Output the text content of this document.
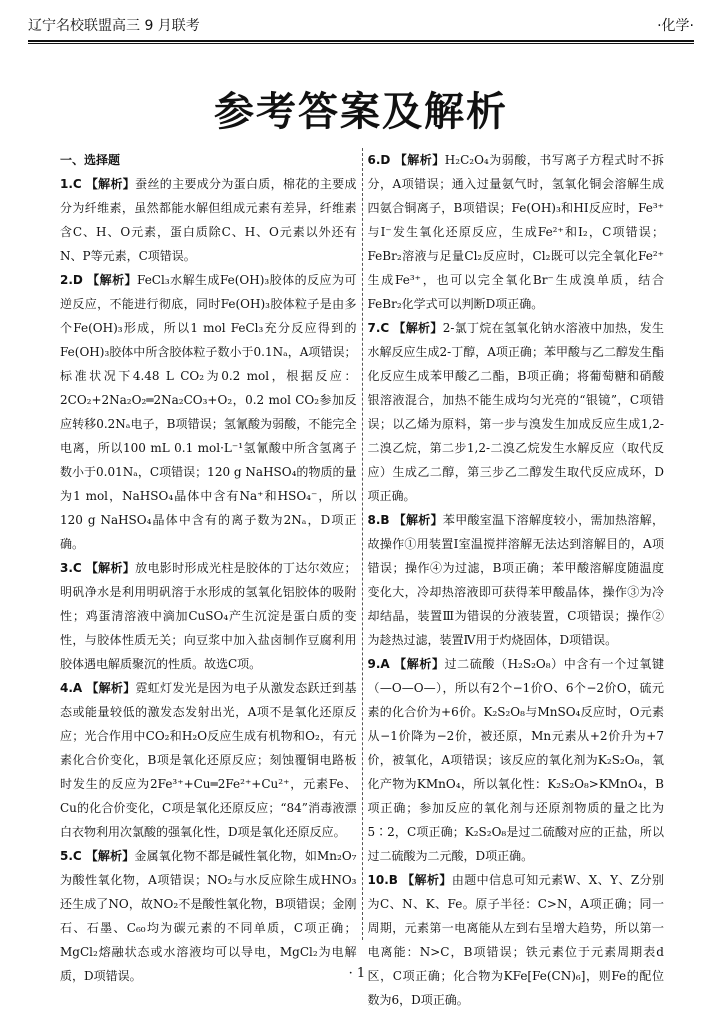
辽宁名校联盟高三 9 月联考	·化学·
参考答案及解析
一、选择题

1.C 【解析】蚕丝的主要成分为蛋白质，棉花的主要成分为纤维素，虽然都能水解但组成元素有差异，纤维素含C、H、O元素，蛋白质除C、H、O元素以外还有N、P等元素，C项错误。

2.D 【解析】FeCl₃水解生成Fe(OH)₃胶体的反应为可逆反应，不能进行彻底，同时Fe(OH)₃胶体粒子是由多个Fe(OH)₃形成，所以1 mol FeCl₃充分反应得到的Fe(OH)₃胶体中所含胶体粒子数小于0.1Nₐ，A项错误；标准状况下4.48 L CO₂为0.2 mol，根据反应：2CO₂+2Na₂O₂═2Na₂CO₃+O₂，0.2 mol CO₂参加反应转移0.2Nₐ电子，B项错误；氢氰酸为弱酸，不能完全电离，所以100 mL 0.1 mol·L⁻¹氢氰酸中所含氢离子数小于0.01Nₐ，C项错误；120 g NaHSO₄的物质的量为1 mol，NaHSO₄晶体中含有Na⁺和HSO₄⁻，所以120 g NaHSO₄晶体中含有的离子数为2Nₐ，D项正确。

3.C 【解析】放电影时形成光柱是胶体的丁达尔效应；明矾净水是利用明矾溶于水形成的氢氧化铝胶体的吸附性；鸡蛋清溶液中滴加CuSO₄产生沉淀是蛋白质的变性，与胶体性质无关；向豆浆中加入盐卤制作豆腐利用胶体遇电解质聚沉的性质。故选C项。

4.A 【解析】霓虹灯发光是因为电子从激发态跃迁到基态或能量较低的激发态发射出光，A项不是氧化还原反应；光合作用中CO₂和H₂O反应生成有机物和O₂，有元素化合价变化，B项是氧化还原反应；刻蚀覆铜电路板时发生的反应为2Fe³⁺+Cu═2Fe²⁺+Cu²⁺，元素Fe、Cu的化合价变化，C项是氧化还原反应；“84”消毒液漂白衣物利用次氯酸的强氧化性，D项是氧化还原反应。

5.C 【解析】金属氧化物不都是碱性氧化物，如Mn₂O₇为酸性氧化物，A项错误；NO₂与水反应除生成HNO₃还生成了NO，故NO₂不是酸性氧化物，B项错误；金刚石、石墨、C₆₀均为碳元素的不同单质，C项正确；MgCl₂熔融状态或水溶液均可以导电，MgCl₂为电解质，D项错误。

6.D 【解析】H₂C₂O₄为弱酸，书写离子方程式时不拆分，A项错误；通入过量氨气时，氢氧化铜会溶解生成四氨合铜离子，B项错误；Fe(OH)₃和HI反应时，Fe³⁺与I⁻发生氧化还原反应，生成Fe²⁺和I₂，C项错误；FeBr₂溶液与足量Cl₂反应时，Cl₂既可以完全氧化Fe²⁺生成Fe³⁺，也可以完全氧化Br⁻生成溴单质，结合FeBr₂化学式可以判断D项正确。

7.C 【解析】2-氯丁烷在氢氧化钠水溶液中加热，发生水解反应生成2-丁醇，A项正确；苯甲酸与乙二醇发生酯化反应生成苯甲酸乙二酯，B项正确；将葡萄糖和硝酸银溶液混合，加热不能生成均匀光亮的“银镜”，C项错误；以乙烯为原料，第一步与溴发生加成反应生成1,2-二溴乙烷，第二步1,2-二溴乙烷发生水解反应（取代反应）生成乙二醇，第三步乙二醇发生取代反应成环，D项正确。

8.B 【解析】苯甲酸室温下溶解度较小，需加热溶解，故操作①用装置Ⅰ室温搅拌溶解无法达到溶解目的，A项错误；操作④为过滤，B项正确；苯甲酸溶解度随温度变化大，冷却热溶液即可获得苯甲酸晶体，操作③为冷却结晶，装置Ⅲ为错误的分液装置，C项错误；操作②为趁热过滤，装置Ⅳ用于灼烧固体，D项错误。

9.A 【解析】过二硫酸（H₂S₂O₈）中含有一个过氧键（—O—O—），所以有2个−1价O、6个−2价O，硫元素的化合价为+6价。K₂S₂O₈与MnSO₄反应时，O元素从−1价降为−2价，被还原，Mn元素从+2价升为+7价，被氧化，A项错误；该反应的氧化剂为K₂S₂O₈，氧化产物为KMnO₄，所以氧化性：K₂S₂O₈>KMnO₄，B项正确；参加反应的氧化剂与还原剂物质的量之比为5∶2，C项正确；K₂S₂O₈是过二硫酸对应的正盐，所以过二硫酸为二元酸，D项正确。

10.B 【解析】由题中信息可知元素W、X、Y、Z分别为C、N、K、Fe。原子半径：C>N，A项正确；同一周期，元素第一电离能从左到右呈增大趋势，所以第一电离能：N>C，B项错误；铁元素位于元素周期表d区，C项正确；化合物为KFe[Fe(CN)₆]，则Fe的配位数为6，D项正确。

· 1 ·
